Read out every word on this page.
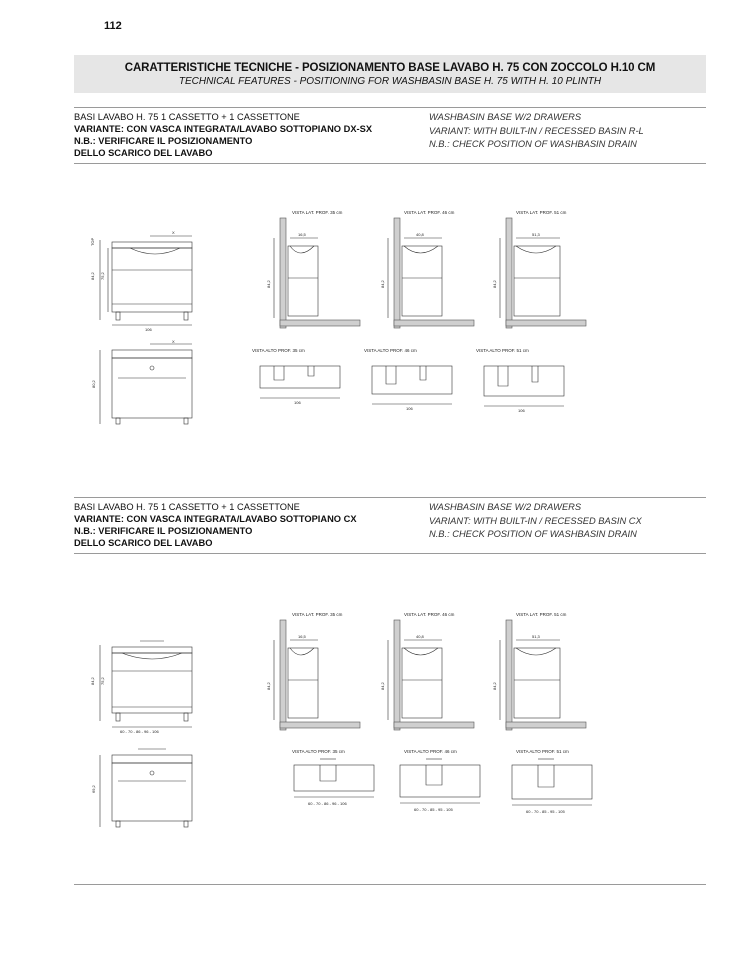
112
CARATTERISTICHE TECNICHE - POSIZIONAMENTO BASE LAVABO H. 75 CON ZOCCOLO H.10 CM
TECHNICAL FEATURES - POSITIONING FOR WASHBASIN BASE H. 75 WITH H. 10 PLINTH
BASI LAVABO H. 75 1 CASSETTO + 1 CASSETTONE
VARIANTE: CON VASCA INTEGRATA/LAVABO SOTTOPIANO DX-SX
N.B.: VERIFICARE IL POSIZIONAMENTO
DELLO SCARICO DEL LAVABO
WASHBASIN BASE W/2 DRAWERS
VARIANT: WITH BUILT-IN / RECESSED BASIN R-L
N.B.: CHECK POSITION OF WASHBASIN DRAIN
84,2 75,2
TOP
X
106
80,2
X
VISTA LAT. PROF. 35 cm
16,5
84,2
VISTA LAT. PROF. 46 cm
40,8
84,2
VISTA LAT. PROF. 51 cm
51,3
84,2
VISTA ALTO PROF. 35 cm
106
VISTA ALTO PROF. 46 cm
106
VISTA ALTO PROF. 51 cm
106
BASI LAVABO H. 75 1 CASSETTO + 1 CASSETTONE
VARIANTE: CON VASCA INTEGRATA/LAVABO SOTTOPIANO CX
N.B.: VERIFICARE IL POSIZIONAMENTO
DELLO SCARICO DEL LAVABO
WASHBASIN BASE W/2 DRAWERS
VARIANT: WITH BUILT-IN / RECESSED BASIN CX
N.B.: CHECK POSITION OF WASHBASIN DRAIN
84,2 75,2
60 - 70 - 86 - 96 - 106
69,2
VISTA LAT. PROF. 35 cm
16,5
84,2
VISTA LAT. PROF. 46 cm
40,8
84,2
VISTA LAT. PROF. 51 cm
51,3
84,2
VISTA ALTO PROF. 35 cm
60 - 70 - 86 - 96 - 106
VISTA ALTO PROF. 46 cm
60 - 70 - 85 - 95 - 105
VISTA ALTO PROF. 51 cm
60 - 70 - 85 - 95 - 105
